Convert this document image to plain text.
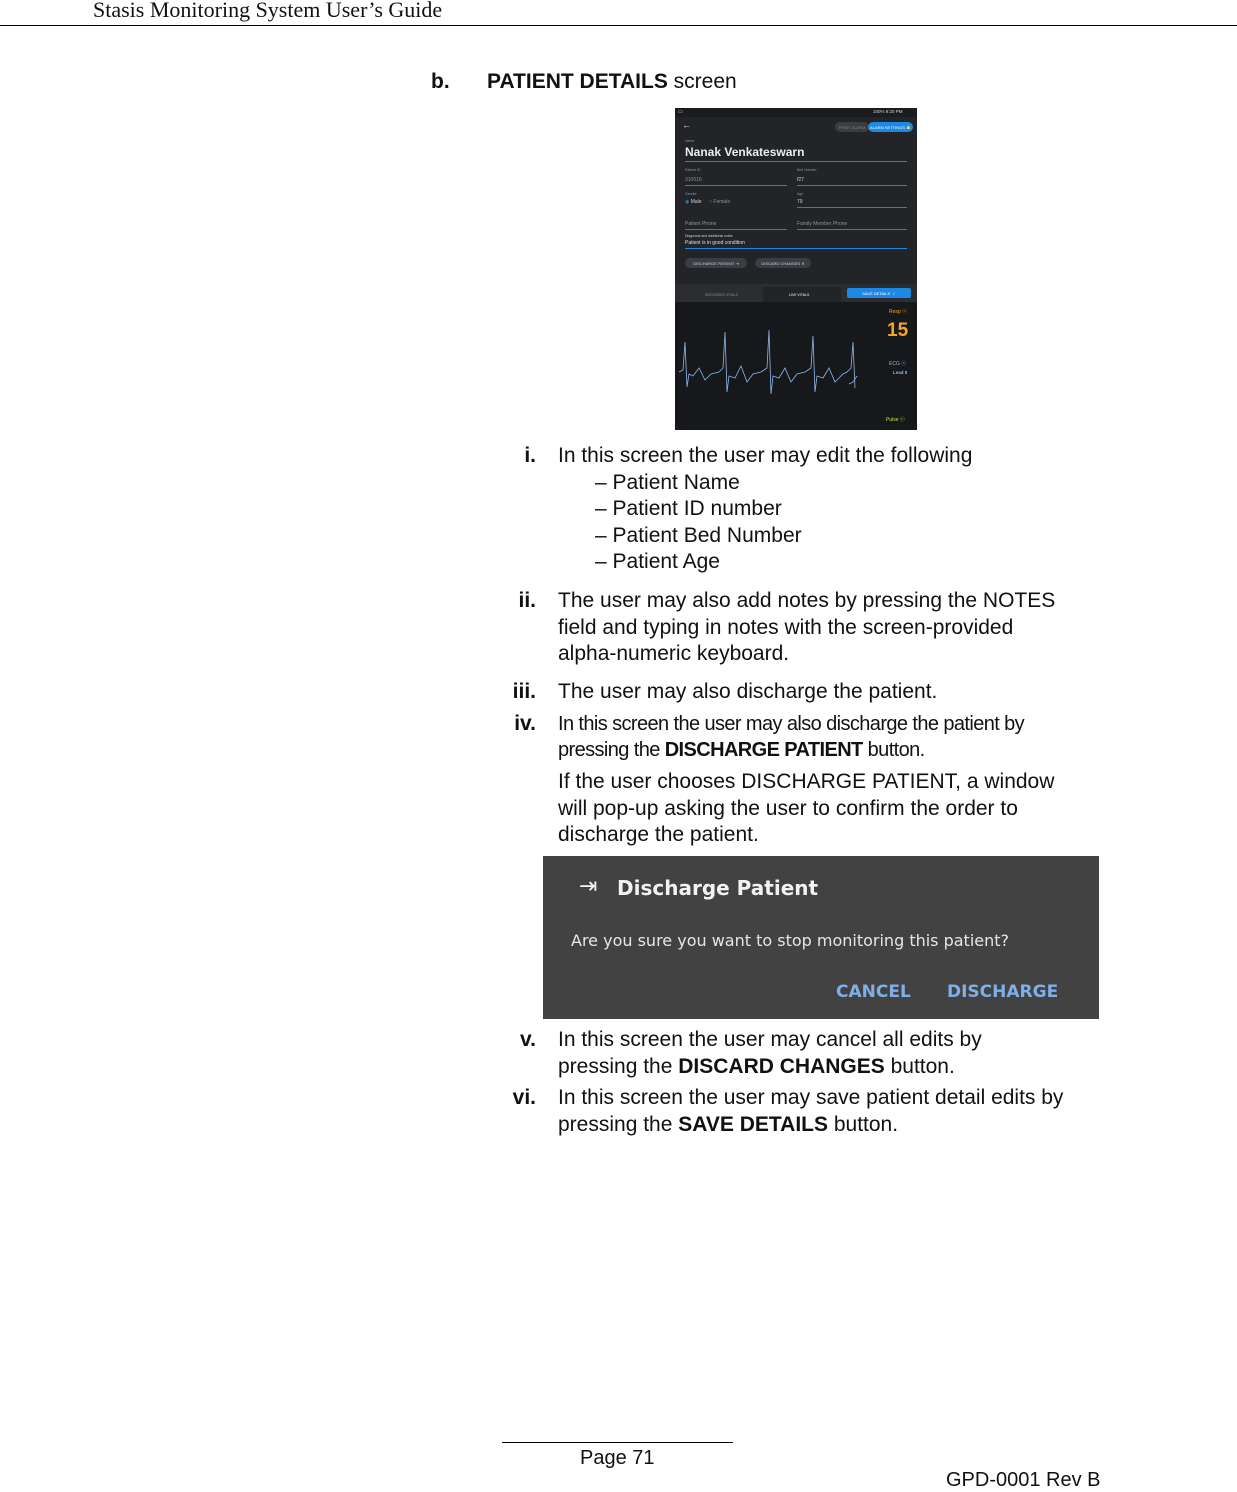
Stasis Monitoring System User’s Guide
b. PATIENT DETAILS screen
▭	100% 9:20 PM
←	PRINT ALARM	ALARM SETTINGS 🔔
Name
Nanak Venkateswarn
Patient ID
310016
Bed Number
f27
Gender
◉ Male ○ Female
Age
79
Patient Phone	Family Member Phone
Diagnosis and additional notes
Patient is in good condition
DISCHARGE PATIENT ⇥	DISCARD CHANGES ✕
RECORDED VITALS	LIVE VITALS	SAVE DETAILS ✓
Resp ⓔ
15
ECG ⓔ
Lead II
Pulse ⓔ
i. In this screen the user may edit the following
– Patient Name
– Patient ID number
– Patient Bed Number
– Patient Age
ii. The user may also add notes by pressing the NOTES field and typing in notes with the screen-provided alpha-numeric keyboard.
iii. The user may also discharge the patient.
iv. In this screen the user may also discharge the patient by pressing the DISCHARGE PATIENT button.
If the user chooses DISCHARGE PATIENT, a window will pop-up asking the user to confirm the order to discharge the patient.
⇥ Discharge Patient
Are you sure you want to stop monitoring this patient?
CANCEL DISCHARGE
v. In this screen the user may cancel all edits by pressing the DISCARD CHANGES button.
vi. In this screen the user may save patient detail edits by pressing the SAVE DETAILS button.
Page 71
GPD-0001 Rev B
